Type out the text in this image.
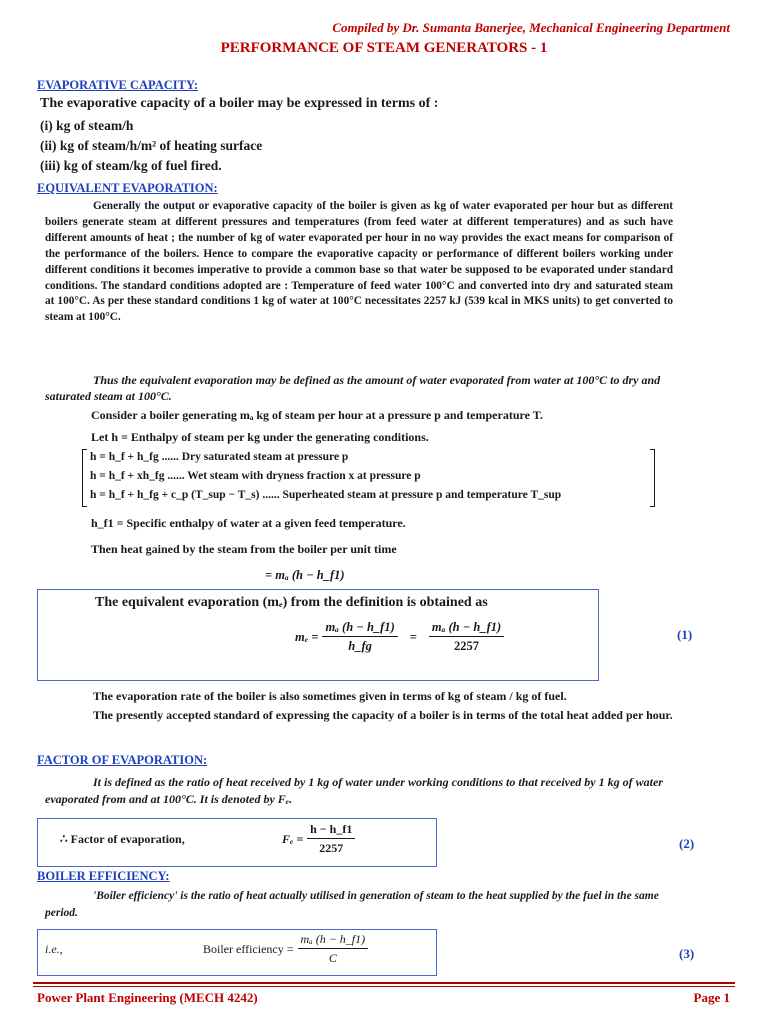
Compiled by Dr. Sumanta Banerjee, Mechanical Engineering Department
PERFORMANCE OF STEAM GENERATORS - 1
EVAPORATIVE CAPACITY:

The evaporative capacity of a boiler may be expressed in terms of :

(i) kg of steam/h

(ii) kg of steam/h/m² of heating surface

(iii) kg of steam/kg of fuel fired.

EQUIVALENT EVAPORATION:

Generally the output or evaporative capacity of the boiler is given as kg of water evaporated per hour but as different boilers generate steam at different pressures and temperatures (from feed water at different temperatures) and as such have different amounts of heat ; the number of kg of water evaporated per hour in no way provides the exact means for comparison of the performance of the boilers. Hence to compare the evaporative capacity or performance of different boilers working under different conditions it becomes imperative to provide a common base so that water be supposed to be evaporated under standard conditions. The standard conditions adopted are : Temperature of feed water 100°C and converted into dry and saturated steam at 100°C. As per these standard conditions 1 kg of water at 100°C necessitates 2257 kJ (539 kcal in MKS units) to get converted to steam at 100°C.

Thus the equivalent evaporation may be defined as the amount of water evaporated from water at 100°C to dry and saturated steam at 100°C.

Consider a boiler generating mₐ kg of steam per hour at a pressure p and temperature T.

Let h = Enthalpy of steam per kg under the generating conditions.

h = h_f + h_fg ...... Dry saturated steam at pressure p

h = h_f + xh_fg ...... Wet steam with dryness fraction x at pressure p

h = h_f + h_fg + c_p (T_sup − T_s) ...... Superheated steam at pressure p and temperature T_sup

h_f1 = Specific enthalpy of water at a given feed temperature.

Then heat gained by the steam from the boiler per unit time

= mₐ (h − h_f1)

The equivalent evaporation (mₑ) from the definition is obtained as

$m_e = \frac{\text{mₐ (h − h\_f1)}}{h\_fg} = \frac{\text{mₐ (h − h\_f1)}}{2257}$	(1)

The evaporation rate of the boiler is also sometimes given in terms of kg of steam / kg of fuel.

The presently accepted standard of expressing the capacity of a boiler is in terms of the total heat added per hour.

FACTOR OF EVAPORATION:

It is defined as the ratio of heat received by 1 kg of water under working conditions to that received by 1 kg of water evaporated from and at 100°C. It is denoted by Fₑ.

∴ Factor of evaporation,	$F_e = \frac{h - h\_f1}{2257}$	(2)
BOILER EFFICIENCY:

'Boiler efficiency' is the ratio of heat actually utilised in generation of steam to the heat supplied by the fuel in the same period.

i.e.,	Boiler efficiency = $\frac{\text{mₐ (h − h\_f1)}}{C}$	(3)
Power Plant Engineering (MECH 4242)	Page 1
